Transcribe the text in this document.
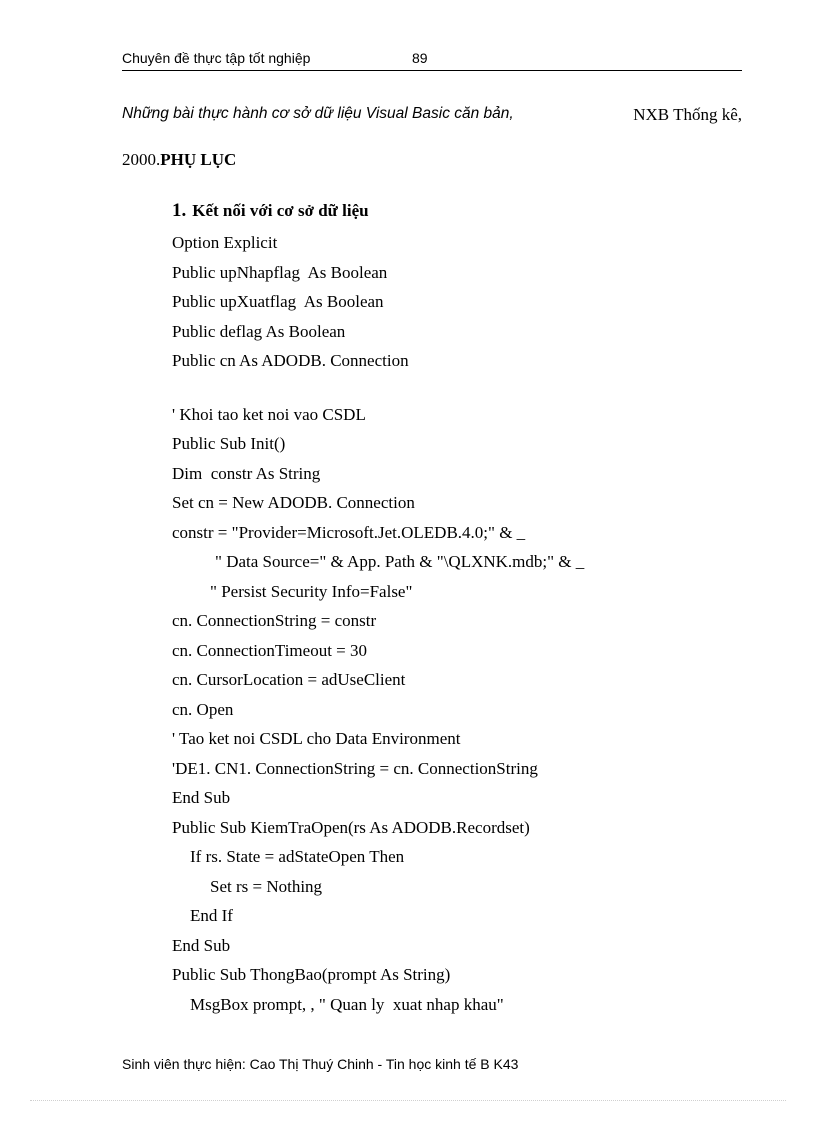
Chuyên đề thực tập tốt nghiệp	89
Những bài thực hành cơ sở dữ liệu Visual Basic căn bản,	NXB Thống kê,
2000.PHỤ LỤC
1. Kết nối với cơ sở dữ liệu
Option Explicit
Public upNhapflag  As Boolean
Public upXuatflag  As Boolean
Public deflag As Boolean
Public cn As ADODB. Connection
' Khoi tao ket noi vao CSDL
Public Sub Init()
Dim  constr As String
Set cn = New ADODB. Connection
constr = "Provider=Microsoft.Jet.OLEDB.4.0;" & _
" Data Source=" & App. Path & "\QLXNK.mdb;" & _
" Persist Security Info=False"
cn. ConnectionString = constr
cn. ConnectionTimeout = 30
cn. CursorLocation = adUseClient
cn. Open
' Tao ket noi CSDL cho Data Environment
'DE1. CN1. ConnectionString = cn. ConnectionString
End Sub
Public Sub KiemTraOpen(rs As ADODB.Recordset)
If rs. State = adStateOpen Then
Set rs = Nothing
End If
End Sub
Public Sub ThongBao(prompt As String)
MsgBox prompt, , " Quan ly  xuat nhap khau"
Sinh viên thực hiện: Cao Thị Thuý Chinh - Tin học kinh tế B K43
